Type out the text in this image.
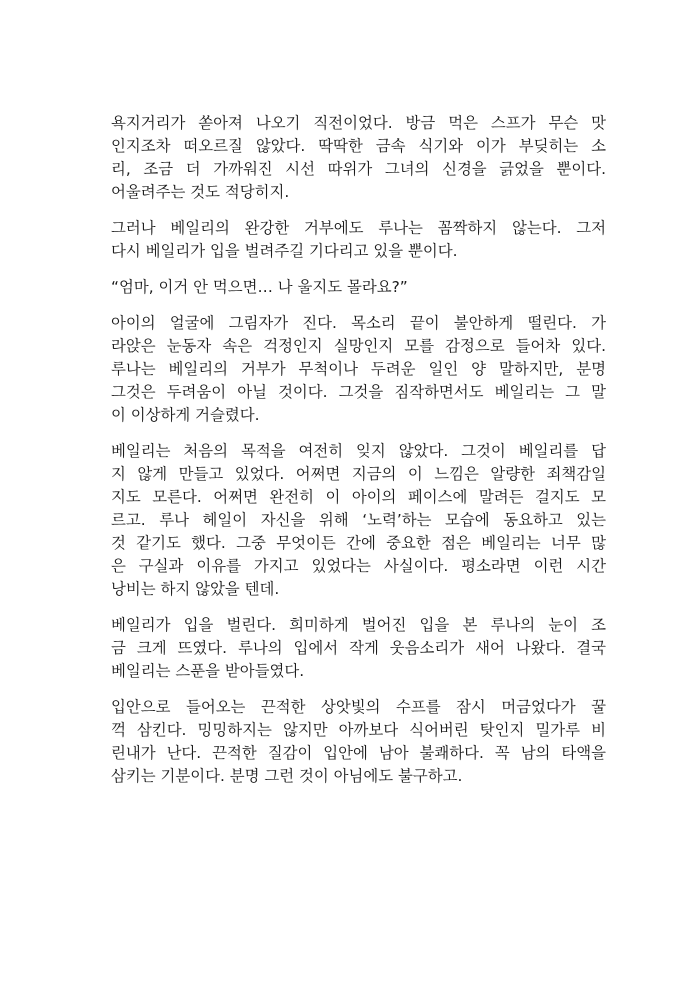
욕지거리가 쏟아져 나오기 직전이었다. 방금 먹은 스프가 무슨 맛
인지조차 떠오르질 않았다. 딱딱한 금속 식기와 이가 부딪히는 소
리, 조금 더 가까워진 시선 따위가 그녀의 신경을 긁었을 뿐이다.
어울려주는 것도 적당히지.

그러나 베일리의 완강한 거부에도 루나는 꼼짝하지 않는다. 그저
다시 베일리가 입을 벌려주길 기다리고 있을 뿐이다.

“엄마, 이거 안 먹으면… 나 울지도 몰라요?”

아이의 얼굴에 그림자가 진다. 목소리 끝이 불안하게 떨린다. 가
라앉은 눈동자 속은 걱정인지 실망인지 모를 감정으로 들어차 있다.
루나는 베일리의 거부가 무척이나 두려운 일인 양 말하지만, 분명
그것은 두려움이 아닐 것이다. 그것을 짐작하면서도 베일리는 그 말
이 이상하게 거슬렸다.

베일리는 처음의 목적을 여전히 잊지 않았다. 그것이 베일리를 답
지 않게 만들고 있었다. 어쩌면 지금의 이 느낌은 알량한 죄책감일
지도 모른다. 어쩌면 완전히 이 아이의 페이스에 말려든 걸지도 모
르고. 루나 헤일이 자신을 위해 ‘노력’하는 모습에 동요하고 있는
것 같기도 했다. 그중 무엇이든 간에 중요한 점은 베일리는 너무 많
은 구실과 이유를 가지고 있었다는 사실이다. 평소라면 이런 시간
낭비는 하지 않았을 텐데.

베일리가 입을 벌린다. 희미하게 벌어진 입을 본 루나의 눈이 조
금 크게 뜨였다. 루나의 입에서 작게 웃음소리가 새어 나왔다. 결국
베일리는 스푼을 받아들였다.

입안으로 들어오는 끈적한 상앗빛의 수프를 잠시 머금었다가 꿀
꺽 삼킨다. 밍밍하지는 않지만 아까보다 식어버린 탓인지 밀가루 비
린내가 난다. 끈적한 질감이 입안에 남아 불쾌하다. 꼭 남의 타액을
삼키는 기분이다. 분명 그런 것이 아님에도 불구하고.
